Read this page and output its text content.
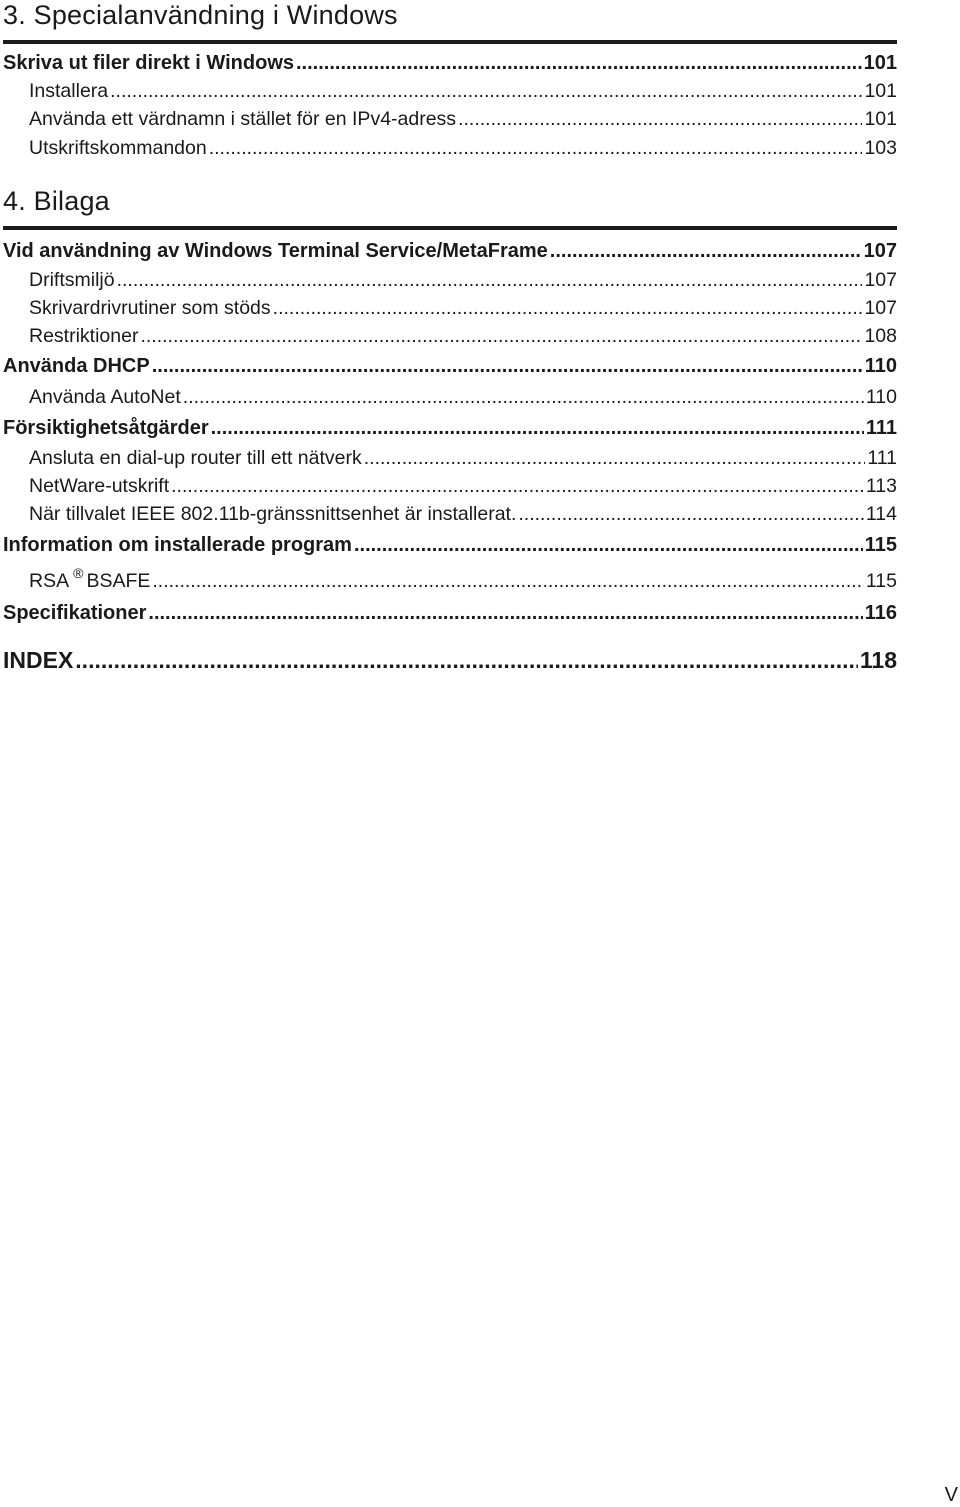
3. Specialanvändning i Windows
Skriva ut filer direkt i Windows .....	101
Installera .....	101
Använda ett värdnamn i stället för en IPv4-adress .....	101
Utskriftskommandon .....	103
4. Bilaga
Vid användning av Windows Terminal Service/MetaFrame .....	107
Driftsmiljö .....	107
Skrivardrivrutiner som stöds .....	107
Restriktioner .....	108
Använda DHCP .....	110
Använda AutoNet .....	110
Försiktighetsåtgärder .....	111
Ansluta en dial-up router till ett nätverk .....	111
NetWare-utskrift .....	113
När tillvalet IEEE 802.11b-gränssnittsenhet är installerat. .....	114
Information om installerade program .....	115
RSA ® BSAFE .....	115
Specifikationer .....	116
INDEX .....	118
V
